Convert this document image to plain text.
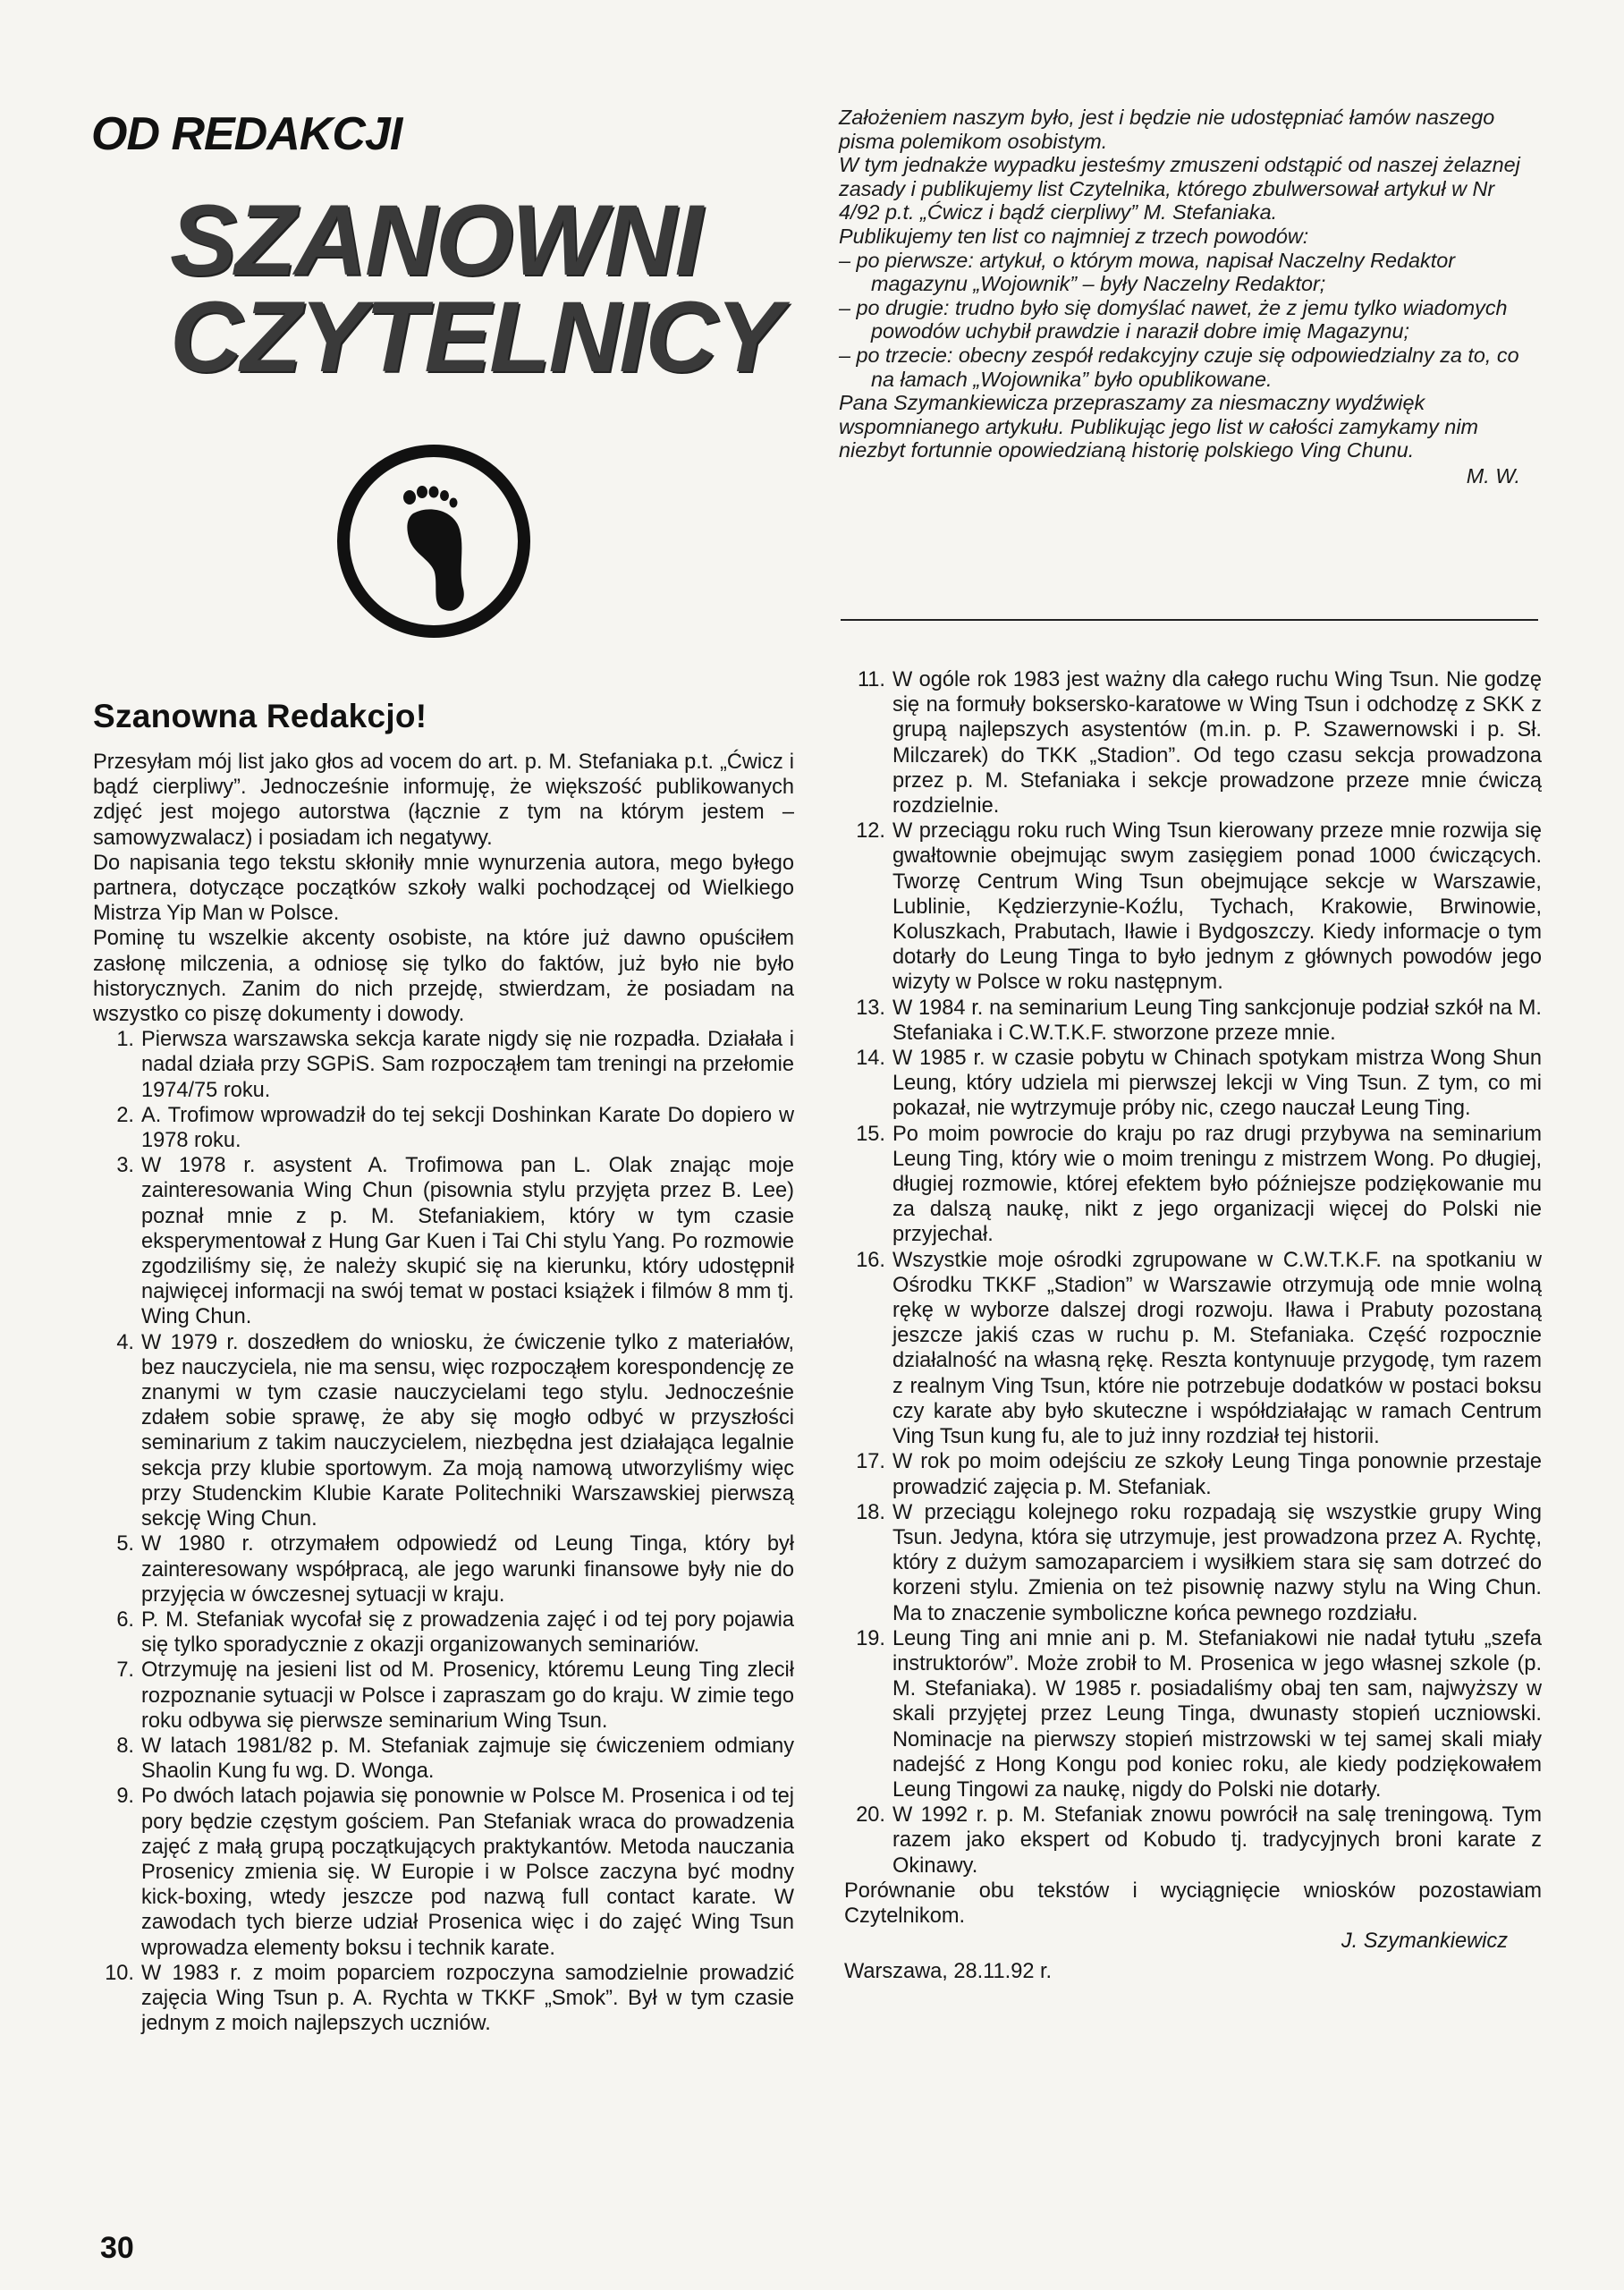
OD REDAKCJI
SZANOWNI
CZYTELNICY

Założeniem naszym było, jest i będzie nie udostępniać łamów naszego pisma polemikom osobistym.

W tym jednakże wypadku jesteśmy zmuszeni odstąpić od naszej żelaznej zasady i publikujemy list Czytelnika, którego zbulwersował artykuł w Nr 4/92 p.t. „Ćwicz i bądź cierpliwy” M. Stefaniaka.

Publikujemy ten list co najmniej z trzech powodów:

– po pierwsze: artykuł, o którym mowa, napisał Naczelny Redaktor magazynu „Wojownik” – były Naczelny Redaktor;

– po drugie: trudno było się domyślać nawet, że z jemu tylko wiadomych powodów uchybił prawdzie i naraził dobre imię Magazynu;

– po trzecie: obecny zespół redakcyjny czuje się odpowiedzialny za to, co na łamach „Wojownika” było opublikowane.

Pana Szymankiewicza przepraszamy za niesmaczny wydźwięk wspomnianego artykułu. Publikując jego list w całości zamykamy nim niezbyt fortunnie opowiedzianą historię polskiego Ving Chunu.

M. W.

Szanowna Redakcjo!

Przesyłam mój list jako głos ad vocem do art. p. M. Stefaniaka p.t. „Ćwicz i bądź cierpliwy”. Jednocześnie informuję, że większość publikowanych zdjęć jest mojego autorstwa (łącznie z tym na którym jestem – samowyzwalacz) i posiadam ich negatywy.

Do napisania tego tekstu skłoniły mnie wynurzenia autora, mego byłego partnera, dotyczące początków szkoły walki pochodzącej od Wielkiego Mistrza Yip Man w Polsce.

Pominę tu wszelkie akcenty osobiste, na które już dawno opuściłem zasłonę milczenia, a odniosę się tylko do faktów, już było nie było historycznych. Zanim do nich przejdę, stwierdzam, że posiadam na wszystko co piszę dokumenty i dowody.

1. Pierwsza warszawska sekcja karate nigdy się nie rozpadła. Działała i nadal działa przy SGPiS. Sam rozpocząłem tam treningi na przełomie 1974/75 roku.
2. A. Trofimow wprowadził do tej sekcji Doshinkan Karate Do dopiero w 1978 roku.
3. W 1978 r. asystent A. Trofimowa pan L. Olak znając moje zainteresowania Wing Chun (pisownia stylu przyjęta przez B. Lee) poznał mnie z p. M. Stefaniakiem, który w tym czasie eksperymentował z Hung Gar Kuen i Tai Chi stylu Yang. Po rozmowie zgodziliśmy się, że należy skupić się na kierunku, który udostępnił najwięcej informacji na swój temat w postaci książek i filmów 8 mm tj. Wing Chun.
4. W 1979 r. doszedłem do wniosku, że ćwiczenie tylko z materiałów, bez nauczyciela, nie ma sensu, więc rozpocząłem korespondencję ze znanymi w tym czasie nauczycielami tego stylu. Jednocześnie zdałem sobie sprawę, że aby się mogło odbyć w przyszłości seminarium z takim nauczycielem, niezbędna jest działająca legalnie sekcja przy klubie sportowym. Za moją namową utworzyliśmy więc przy Studenckim Klubie Karate Politechniki Warszawskiej pierwszą sekcję Wing Chun.
5. W 1980 r. otrzymałem odpowiedź od Leung Tinga, który był zainteresowany współpracą, ale jego warunki finansowe były nie do przyjęcia w ówczesnej sytuacji w kraju.
6. P. M. Stefaniak wycofał się z prowadzenia zajęć i od tej pory pojawia się tylko sporadycznie z okazji organizowanych seminariów.
7. Otrzymuję na jesieni list od M. Prosenicy, któremu Leung Ting zlecił rozpoznanie sytuacji w Polsce i zapraszam go do kraju. W zimie tego roku odbywa się pierwsze seminarium Wing Tsun.
8. W latach 1981/82 p. M. Stefaniak zajmuje się ćwiczeniem odmiany Shaolin Kung fu wg. D. Wonga.
9. Po dwóch latach pojawia się ponownie w Polsce M. Prosenica i od tej pory będzie częstym gościem. Pan Stefaniak wraca do prowadzenia zajęć z małą grupą początkujących praktykantów. Metoda nauczania Prosenicy zmienia się. W Europie i w Polsce zaczyna być modny kick-boxing, wtedy jeszcze pod nazwą full contact karate. W zawodach tych bierze udział Prosenica więc i do zajęć Wing Tsun wprowadza elementy boksu i technik karate.
10. W 1983 r. z moim poparciem rozpoczyna samodzielnie prowadzić zajęcia Wing Tsun p. A. Rychta w TKKF „Smok”. Był w tym czasie jednym z moich najlepszych uczniów.
11. W ogóle rok 1983 jest ważny dla całego ruchu Wing Tsun. Nie godzę się na formuły boksersko-karatowe w Wing Tsun i odchodzę z SKK z grupą najlepszych asystentów (m.in. p. P. Szawernowski i p. Sł. Milczarek) do TKK „Stadion”. Od tego czasu sekcja prowadzona przez p. M. Stefaniaka i sekcje prowadzone przeze mnie ćwiczą rozdzielnie.
12. W przeciągu roku ruch Wing Tsun kierowany przeze mnie rozwija się gwałtownie obejmując swym zasięgiem ponad 1000 ćwiczących. Tworzę Centrum Wing Tsun obejmujące sekcje w Warszawie, Lublinie, Kędzierzynie-Koźlu, Tychach, Krakowie, Brwinowie, Koluszkach, Prabutach, Iławie i Bydgoszczy. Kiedy informacje o tym dotarły do Leung Tinga to było jednym z głównych powodów jego wizyty w Polsce w roku następnym.
13. W 1984 r. na seminarium Leung Ting sankcjonuje podział szkół na M. Stefaniaka i C.W.T.K.F. stworzone przeze mnie.
14. W 1985 r. w czasie pobytu w Chinach spotykam mistrza Wong Shun Leung, który udziela mi pierwszej lekcji w Ving Tsun. Z tym, co mi pokazał, nie wytrzymuje próby nic, czego nauczał Leung Ting.
15. Po moim powrocie do kraju po raz drugi przybywa na seminarium Leung Ting, który wie o moim treningu z mistrzem Wong. Po długiej, długiej rozmowie, której efektem było późniejsze podziękowanie mu za dalszą naukę, nikt z jego organizacji więcej do Polski nie przyjechał.
16. Wszystkie moje ośrodki zgrupowane w C.W.T.K.F. na spotkaniu w Ośrodku TKKF „Stadion” w Warszawie otrzymują ode mnie wolną rękę w wyborze dalszej drogi rozwoju. Iława i Prabuty pozostaną jeszcze jakiś czas w ruchu p. M. Stefaniaka. Część rozpocznie działalność na własną rękę. Reszta kontynuuje przygodę, tym razem z realnym Ving Tsun, które nie potrzebuje dodatków w postaci boksu czy karate aby było skuteczne i współdziałając w ramach Centrum Ving Tsun kung fu, ale to już inny rozdział tej historii.
17. W rok po moim odejściu ze szkoły Leung Tinga ponownie przestaje prowadzić zajęcia p. M. Stefaniak.
18. W przeciągu kolejnego roku rozpadają się wszystkie grupy Wing Tsun. Jedyna, która się utrzymuje, jest prowadzona przez A. Rychtę, który z dużym samozaparciem i wysiłkiem stara się sam dotrzeć do korzeni stylu. Zmienia on też pisownię nazwy stylu na Wing Chun. Ma to znaczenie symboliczne końca pewnego rozdziału.
19. Leung Ting ani mnie ani p. M. Stefaniakowi nie nadał tytułu „szefa instruktorów”. Może zrobił to M. Prosenica w jego własnej szkole (p. M. Stefaniaka). W 1985 r. posiadaliśmy obaj ten sam, najwyższy w skali przyjętej przez Leung Tinga, dwunasty stopień uczniowski. Nominacje na pierwszy stopień mistrzowski w tej samej skali miały nadejść z Hong Kongu pod koniec roku, ale kiedy podziękowałem Leung Tingowi za naukę, nigdy do Polski nie dotarły.
20. W 1992 r. p. M. Stefaniak znowu powrócił na salę treningową. Tym razem jako ekspert od Kobudo tj. tradycyjnych broni karate z Okinawy.

Porównanie obu tekstów i wyciągnięcie wniosków pozostawiam Czytelnikom.

J. Szymankiewicz

Warszawa, 28.11.92 r.

30
